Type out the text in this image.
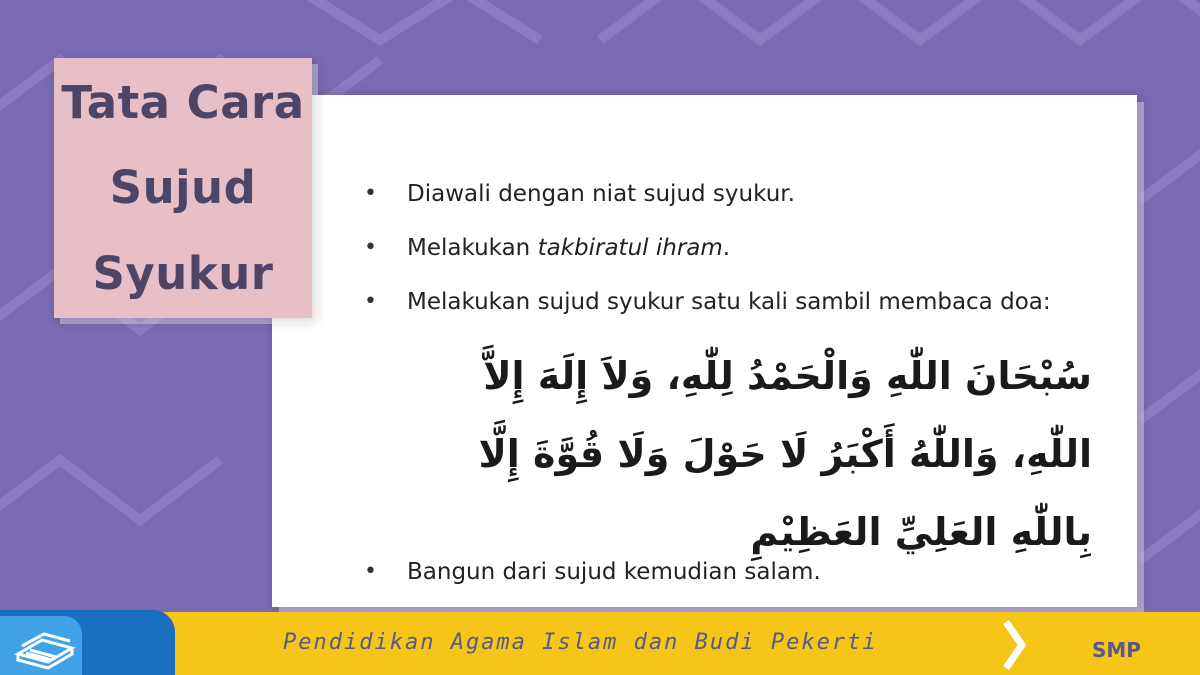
Tata Cara
Sujud
Syukur
• Diawali dengan niat sujud syukur.
• Melakukan takbiratul ihram.
• Melakukan sujud syukur satu kali sambil membaca doa:

سُبْحَانَ اللّٰهِ وَالْحَمْدُ لِلّٰهِ، وَلاَ إِلَهَ إِلاَّ اللّٰهِ، وَاللّٰهُ أَكْبَرُ لَا حَوْلَ وَلَا قُوَّةَ إِلَّا بِاللّٰهِ العَلِيِّ العَظِيْمِ

• Bangun dari sujud kemudian salam.
Pendidikan Agama Islam dan Budi Pekerti	SMP
